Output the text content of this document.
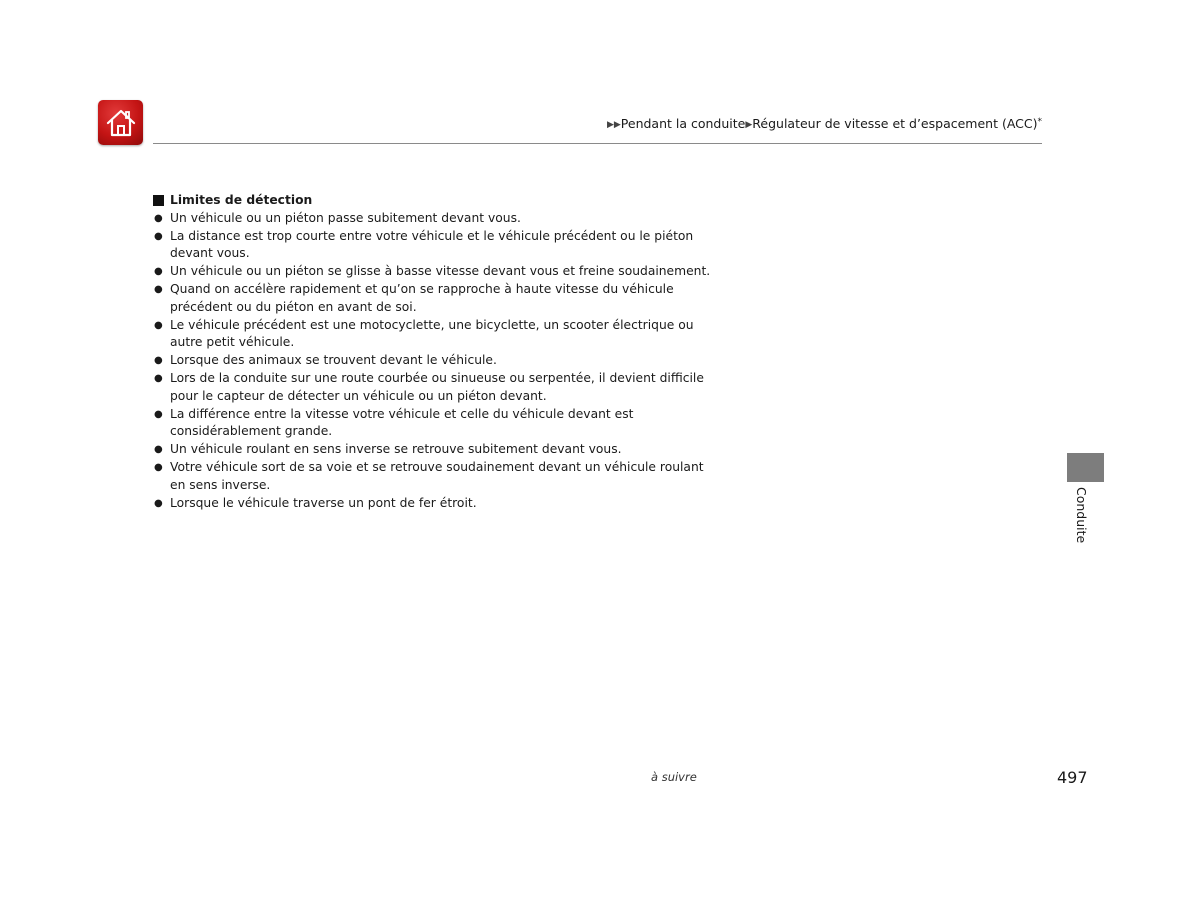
▶▶Pendant la conduite▶Régulateur de vitesse et d’espacement (ACC)*
Limites de détection
● Un véhicule ou un piéton passe subitement devant vous.
● La distance est trop courte entre votre véhicule et le véhicule précédent ou le piéton devant vous.
● Un véhicule ou un piéton se glisse à basse vitesse devant vous et freine soudainement.
● Quand on accélère rapidement et qu’on se rapproche à haute vitesse du véhicule précédent ou du piéton en avant de soi.
● Le véhicule précédent est une motocyclette, une bicyclette, un scooter électrique ou autre petit véhicule.
● Lorsque des animaux se trouvent devant le véhicule.
● Lors de la conduite sur une route courbée ou sinueuse ou serpentée, il devient difficile pour le capteur de détecter un véhicule ou un piéton devant.
● La différence entre la vitesse votre véhicule et celle du véhicule devant est considérablement grande.
● Un véhicule roulant en sens inverse se retrouve subitement devant vous.
● Votre véhicule sort de sa voie et se retrouve soudainement devant un véhicule roulant en sens inverse.
● Lorsque le véhicule traverse un pont de fer étroit.	Conduite
à suivre	497
